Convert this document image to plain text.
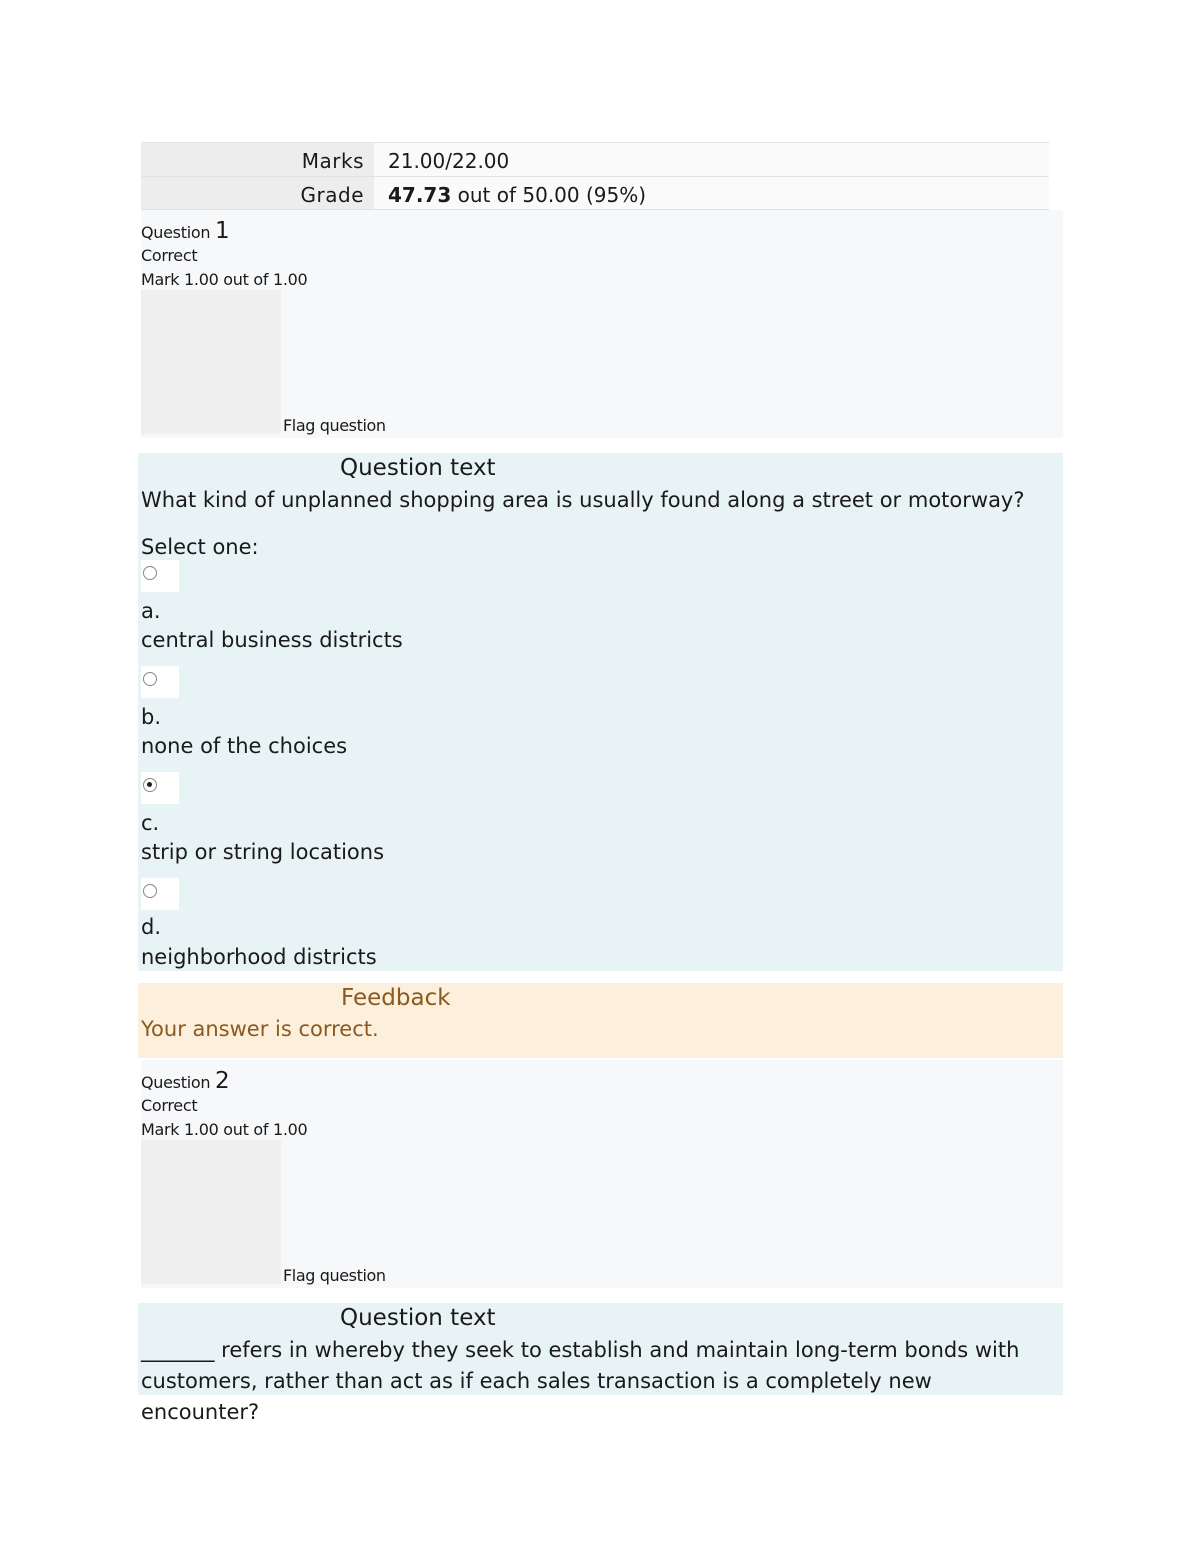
Marks	21.00/22.00
Grade	47.73 out of 50.00 (95%)
Question 1
Correct
Mark 1.00 out of 1.00
Flag question
Question text
What kind of unplanned shopping area is usually found along a street or motorway?
Select one:
a.
central business districts
b.
none of the choices
c.
strip or string locations
d.
neighborhood districts
Feedback
Your answer is correct.
Question 2
Correct
Mark 1.00 out of 1.00
Flag question
Question text
_______ refers in whereby they seek to establish and maintain long-term bonds with
customers, rather than act as if each sales transaction is a completely new encounter?
